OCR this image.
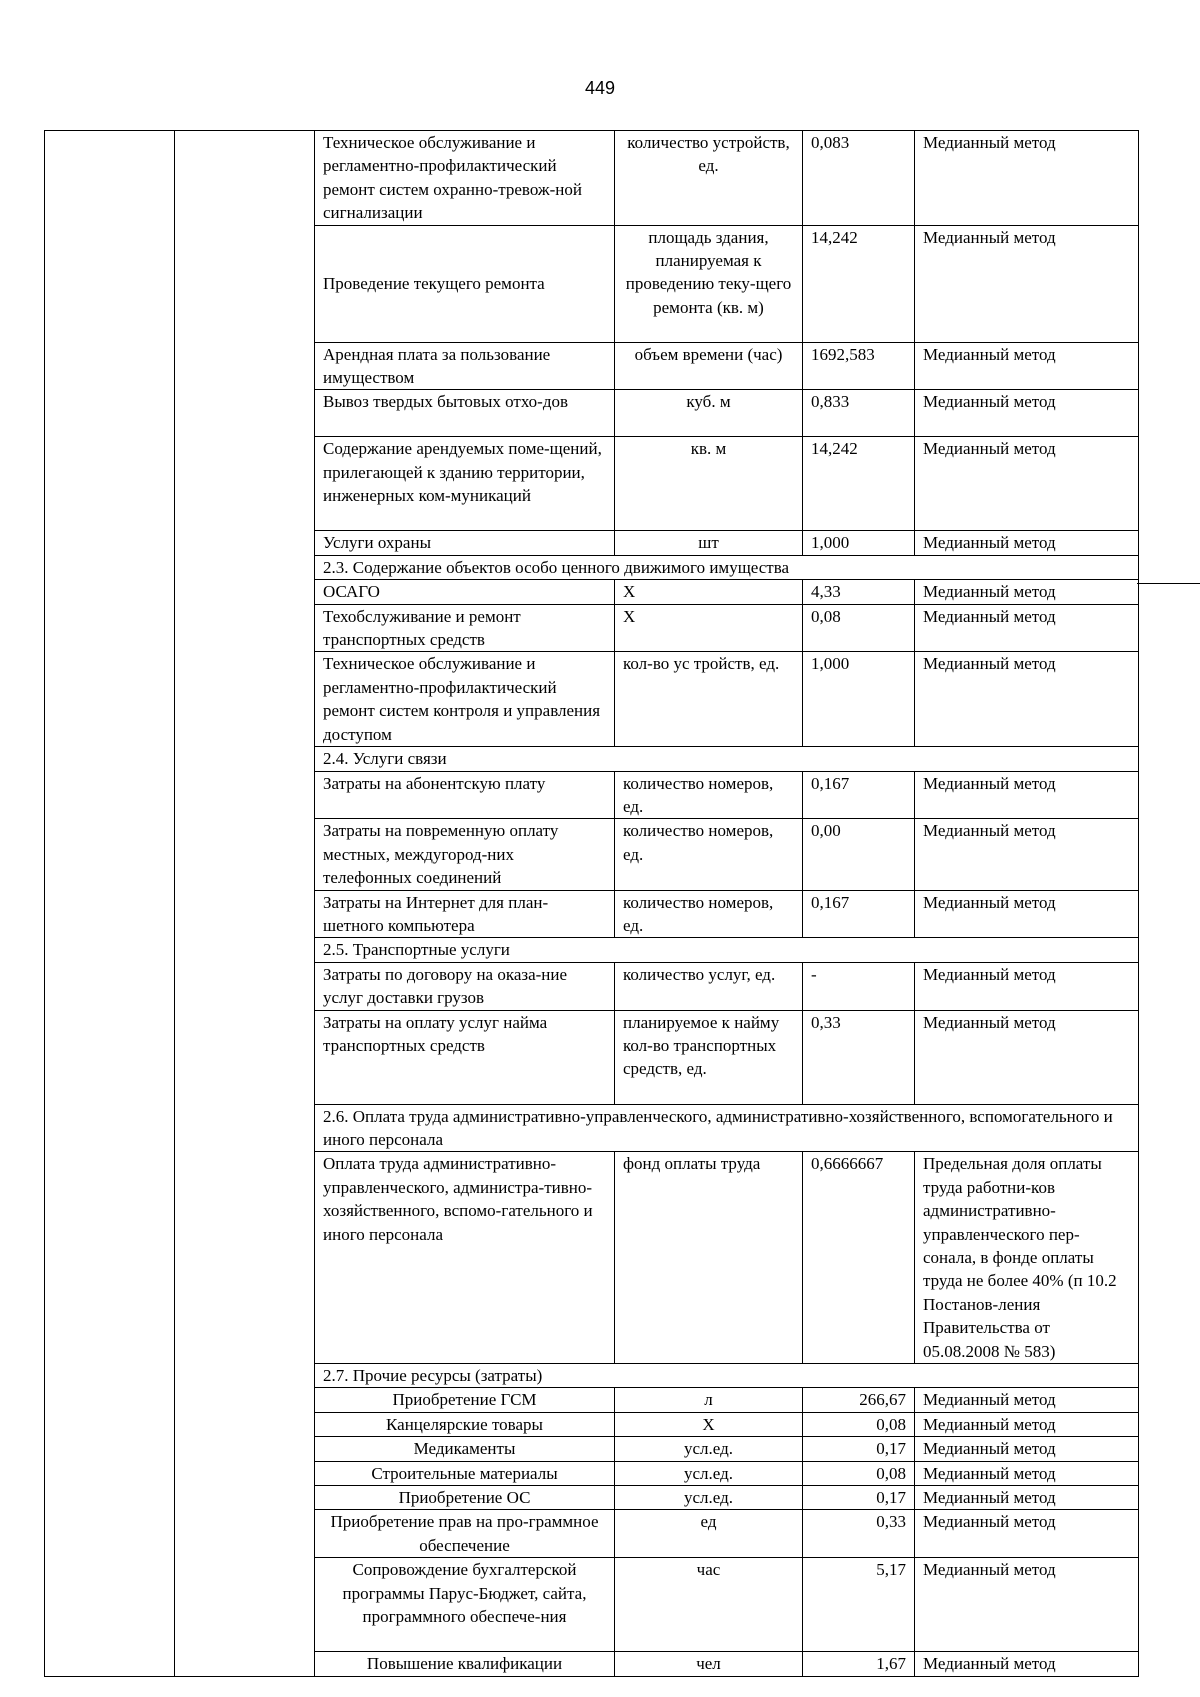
449
		Техническое обслуживание и регламентно-профилактический ремонт систем охранно-тревож-ной сигнализации	количество устройств, ед.	0,083	Медианный метод
		Проведение текущего ремонта	площадь здания, планируемая к проведению теку-щего ремонта (кв. м)	14,242	Медианный метод
		Арендная плата за пользование имуществом	объем времени (час)	1692,583	Медианный метод
		Вывоз твердых бытовых отхо-дов	куб. м	0,833	Медианный метод
		Содержание арендуемых поме-щений, прилегающей к зданию территории, инженерных ком-муникаций	кв. м	14,242	Медианный метод
		Услуги охраны	шт	1,000	Медианный метод
		2.3. Содержание объектов особо ценного движимого имущества			
		ОСАГО	Х	4,33	Медианный метод
		Техобслуживание и ремонт транспортных средств	Х	0,08	Медианный метод
		Техническое обслуживание и регламентно-профилактический ремонт систем контроля и управления доступом	кол-во ус тройств, ед.	1,000	Медианный метод
		2.4. Услуги связи			
		Затраты на абонентскую плату	количество номеров, ед.	0,167	Медианный метод
		Затраты на повременную оплату местных, междугород-них телефонных соединений	количество номеров, ед.	0,00	Медианный метод
		Затраты на Интернет для план-шетного компьютера	количество номеров, ед.	0,167	Медианный метод
		2.5. Транспортные услуги			
		Затраты по договору на оказа-ние услуг доставки грузов	количество услуг, ед.	-	Медианный метод
		Затраты на оплату услуг найма транспортных средств	планируемое к найму кол-во транспортных средств, ед.	0,33	Медианный метод
		2.6. Оплата труда административно-управленческого, административно-хозяйственного, вспомогательного и иного персонала			
		Оплата труда административно-управленческого, администра-тивно-хозяйственного, вспомо-гательного и иного персонала	фонд оплаты труда	0,6666667	Предельная доля оплаты труда работни-ков административно-управленческого пер-сонала, в фонде оплаты труда не более 40% (п 10.2 Постанов-ления Правительства от 05.08.2008 № 583)
		2.7. Прочие ресурсы (затраты)			
		Приобретение ГСМ	л	266,67	Медианный метод
		Канцелярские товары	Х	0,08	Медианный метод
		Медикаменты	усл.ед.	0,17	Медианный метод
		Строительные материалы	усл.ед.	0,08	Медианный метод
		Приобретение ОС	усл.ед.	0,17	Медианный метод
		Приобретение прав на про-граммное обеспечение	ед	0,33	Медианный метод
		Сопровождение бухгалтерской программы Парус-Бюджет, сайта, программного обеспече-ния	час	5,17	Медианный метод
		Повышение квалификации	чел	1,67	Медианный метод
